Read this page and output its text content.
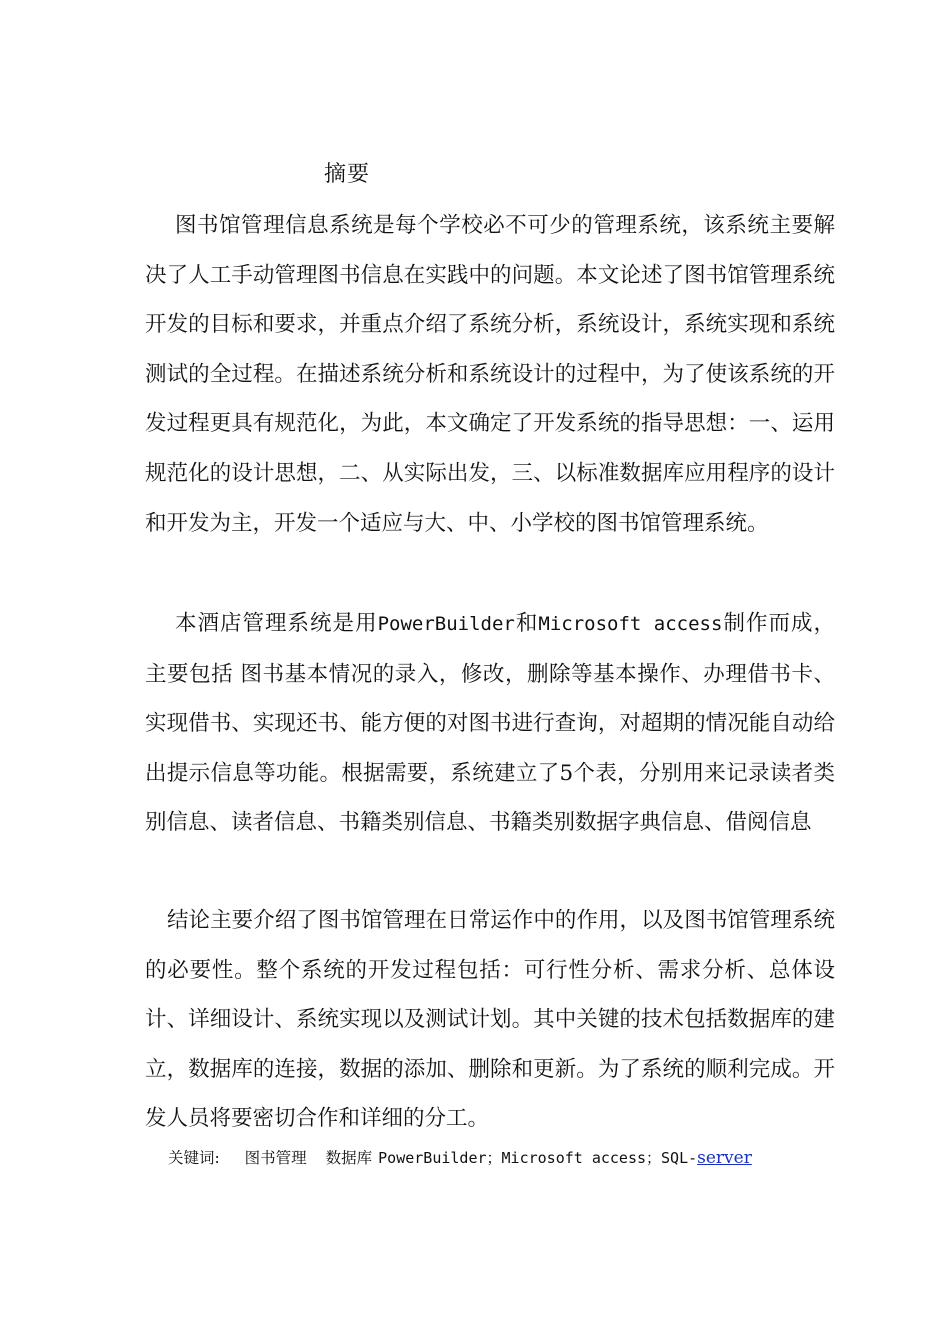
摘要

图书馆管理信息系统是每个学校必不可少的管理系统，该系统主要解决了人工手动管理图书信息在实践中的问题。本文论述了图书馆管理系统开发的目标和要求，并重点介绍了系统分析，系统设计，系统实现和系统测试的全过程。在描述系统分析和系统设计的过程中，为了使该系统的开发过程更具有规范化，为此，本文确定了开发系统的指导思想：一、运用规范化的设计思想，二、从实际出发，三、以标准数据库应用程序的设计和开发为主，开发一个适应与大、中、小学校的图书馆管理系统。

本酒店管理系统是用PowerBuilder和Microsoft access制作而成，主要包括 图书基本情况的录入，修改，删除等基本操作、办理借书卡、实现借书、实现还书、能方便的对图书进行查询，对超期的情况能自动给出提示信息等功能。根据需要，系统建立了5个表，分别用来记录读者类别信息、读者信息、书籍类别信息、书籍类别数据字典信息、借阅信息

结论主要介绍了图书馆管理在日常运作中的作用，以及图书馆管理系统的必要性。整个系统的开发过程包括：可行性分析、需求分析、总体设计、详细设计、系统实现以及测试计划。其中关键的技术包括数据库的建立，数据库的连接，数据的添加、删除和更新。为了系统的顺利完成。开发人员将要密切合作和详细的分工。

关键词: 图书管理 数据库 PowerBuilder；Microsoft access；SQL-server
